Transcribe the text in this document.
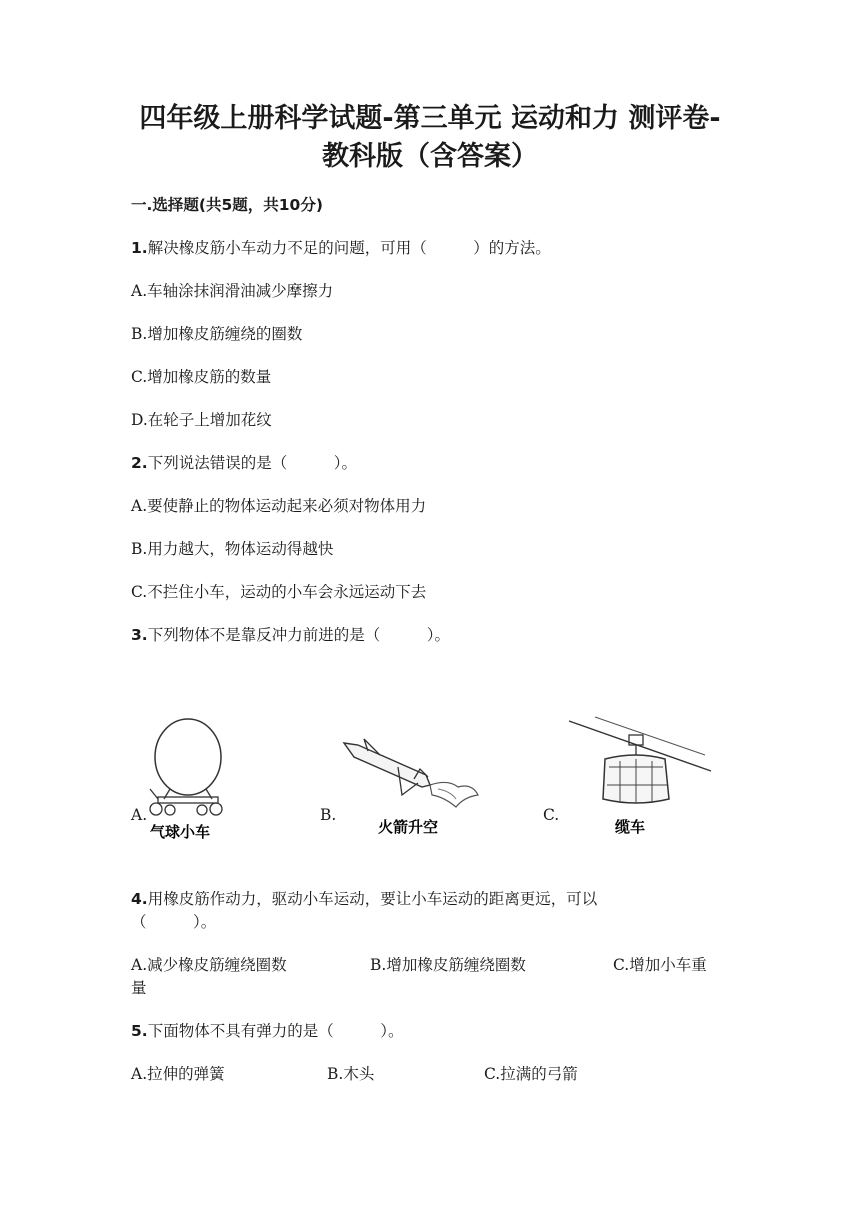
四年级上册科学试题-第三单元 运动和力 测评卷-
教科版（含答案）
一.选择题(共5题，共10分)
1.解决橡皮筋小车动力不足的问题，可用（　　　）的方法。
A.车轴涂抹润滑油减少摩擦力
B.增加橡皮筋缠绕的圈数
C.增加橡皮筋的数量
D.在轮子上增加花纹
2.下列说法错误的是（　　　）。
A.要使静止的物体运动起来必须对物体用力
B.用力越大，物体运动得越快
C.不拦住小车，运动的小车会永远运动下去
3.下列物体不是靠反冲力前进的是（　　　）。
A.
气球小车
B.
火箭升空
C.
缆车
4.用橡皮筋作动力，驱动小车运动，要让小车运动的距离更远，可以
（　　　）。
A.减少橡皮筋缠绕圈数	B.增加橡皮筋缠绕圈数	C.增加小车重
量
5.下面物体不具有弹力的是（　　　）。
A.拉伸的弹簧	B.木头	C.拉满的弓箭
